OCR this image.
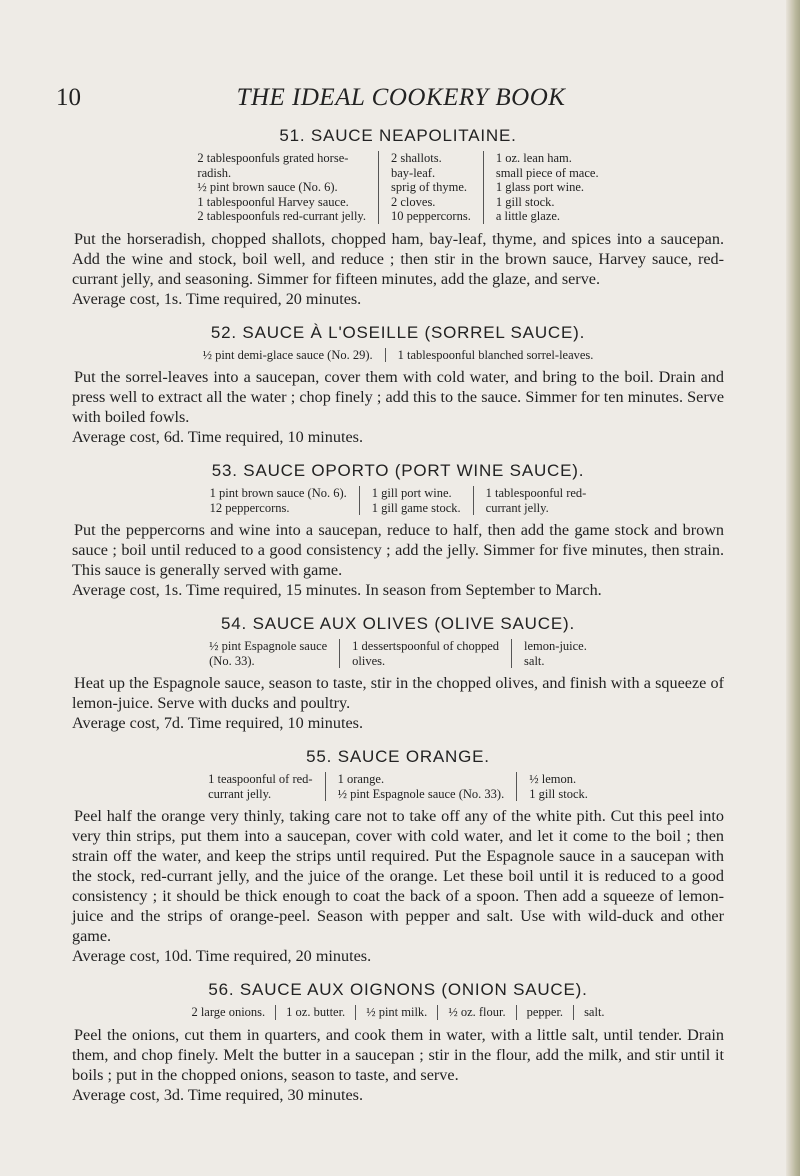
10	THE IDEAL COOKERY BOOK
51. SAUCE NEAPOLITAINE.
2 tablespoonfuls grated horse-
radish.
½ pint brown sauce (No. 6).
1 tablespoonful Harvey sauce.
2 tablespoonfuls red-currant jelly.
2 shallots.
bay-leaf.
sprig of thyme.
2 cloves.
10 peppercorns.
1 oz. lean ham.
small piece of mace.
1 glass port wine.
1 gill stock.
a little glaze.

Put the horseradish, chopped shallots, chopped ham, bay-leaf, thyme, and spices into a saucepan. Add the wine and stock, boil well, and reduce ; then stir in the brown sauce, Harvey sauce, red-currant jelly, and seasoning. Simmer for fifteen minutes, add the glaze, and serve.

Average cost, 1s. Time required, 20 minutes.

52. SAUCE À L'OSEILLE (SORREL SAUCE).
½ pint demi-glace sauce (No. 29). 1 tablespoonful blanched sorrel-leaves.

Put the sorrel-leaves into a saucepan, cover them with cold water, and bring to the boil. Drain and press well to extract all the water ; chop finely ; add this to the sauce. Simmer for ten minutes. Serve with boiled fowls.

Average cost, 6d. Time required, 10 minutes.

53. SAUCE OPORTO (PORT WINE SAUCE).
1 pint brown sauce (No. 6).
12 peppercorns.
1 gill port wine.
1 gill game stock.
1 tablespoonful red-
currant jelly.

Put the peppercorns and wine into a saucepan, reduce to half, then add the game stock and brown sauce ; boil until reduced to a good consistency ; add the jelly. Simmer for five minutes, then strain. This sauce is generally served with game.

Average cost, 1s. Time required, 15 minutes. In season from September to March.

54. SAUCE AUX OLIVES (OLIVE SAUCE).
½ pint Espagnole sauce
(No. 33).
1 dessertspoonful of chopped
olives.
lemon-juice.
salt.

Heat up the Espagnole sauce, season to taste, stir in the chopped olives, and finish with a squeeze of lemon-juice. Serve with ducks and poultry.

Average cost, 7d. Time required, 10 minutes.

55. SAUCE ORANGE.
1 teaspoonful of red-
currant jelly.
1 orange.
½ pint Espagnole sauce (No. 33).
½ lemon.
1 gill stock.

Peel half the orange very thinly, taking care not to take off any of the white pith. Cut this peel into very thin strips, put them into a saucepan, cover with cold water, and let it come to the boil ; then strain off the water, and keep the strips until required. Put the Espagnole sauce in a saucepan with the stock, red-currant jelly, and the juice of the orange. Let these boil until it is reduced to a good consistency ; it should be thick enough to coat the back of a spoon. Then add a squeeze of lemon-juice and the strips of orange-peel. Season with pepper and salt. Use with wild-duck and other game.

Average cost, 10d. Time required, 20 minutes.

56. SAUCE AUX OIGNONS (ONION SAUCE).
2 large onions. 1 oz. butter. ½ pint milk. ½ oz. flour. pepper. salt.

Peel the onions, cut them in quarters, and cook them in water, with a little salt, until tender. Drain them, and chop finely. Melt the butter in a saucepan ; stir in the flour, add the milk, and stir until it boils ; put in the chopped onions, season to taste, and serve.

Average cost, 3d. Time required, 30 minutes.
